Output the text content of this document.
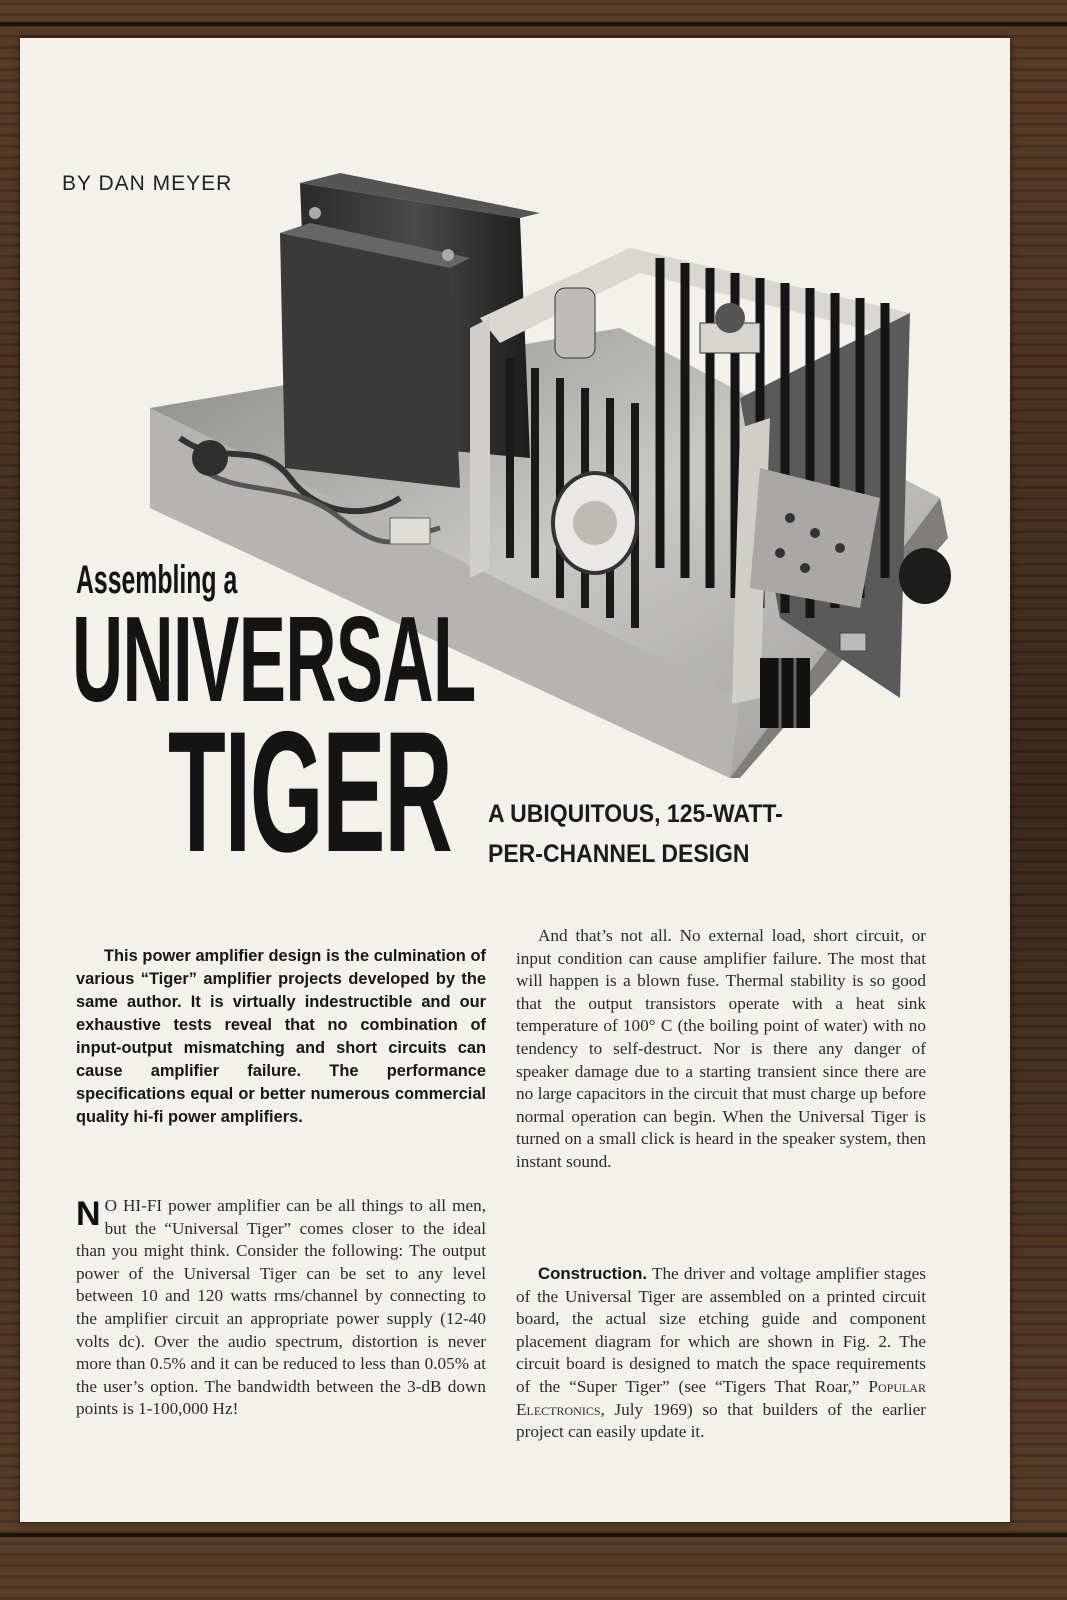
BY DAN MEYER
Assembling a
UNIVERSAL
TIGER A UBIQUITOUS, 125-WATT-
PER-CHANNEL DESIGN
This power amplifier design is the culmination of various “Tiger” amplifier projects developed by the same author. It is virtually indestructible and our exhaustive tests reveal that no combination of input-output mismatching and short circuits can cause amplifier failure. The performance specifications equal or better numerous commercial quality hi-fi power amplifiers.
N O HI-FI power amplifier can be all things to all men, but the “Universal Tiger” comes closer to the ideal than you might think. Consider the following: The output power of the Universal Tiger can be set to any level between 10 and 120 watts rms/channel by connecting to the amplifier circuit an appropriate power supply (12-40 volts dc). Over the audio spectrum, distortion is never more than 0.5% and it can be reduced to less than 0.05% at the user’s option. The bandwidth between the 3-dB down points is 1-100,000 Hz!
And that’s not all. No external load, short circuit, or input condition can cause amplifier failure. The most that will happen is a blown fuse. Thermal stability is so good that the output transistors operate with a heat sink temperature of 100° C (the boiling point of water) with no tendency to self-destruct. Nor is there any danger of speaker damage due to a starting transient since there are no large capacitors in the circuit that must charge up before normal operation can begin. When the Universal Tiger is turned on a small click is heard in the speaker system, then instant sound.
Construction. The driver and voltage amplifier stages of the Universal Tiger are assembled on a printed circuit board, the actual size etching guide and component placement diagram for which are shown in Fig. 2. The circuit board is designed to match the space requirements of the “Super Tiger” (see “Tigers That Roar,” Popular Electronics, July 1969) so that builders of the earlier project can easily update it.
